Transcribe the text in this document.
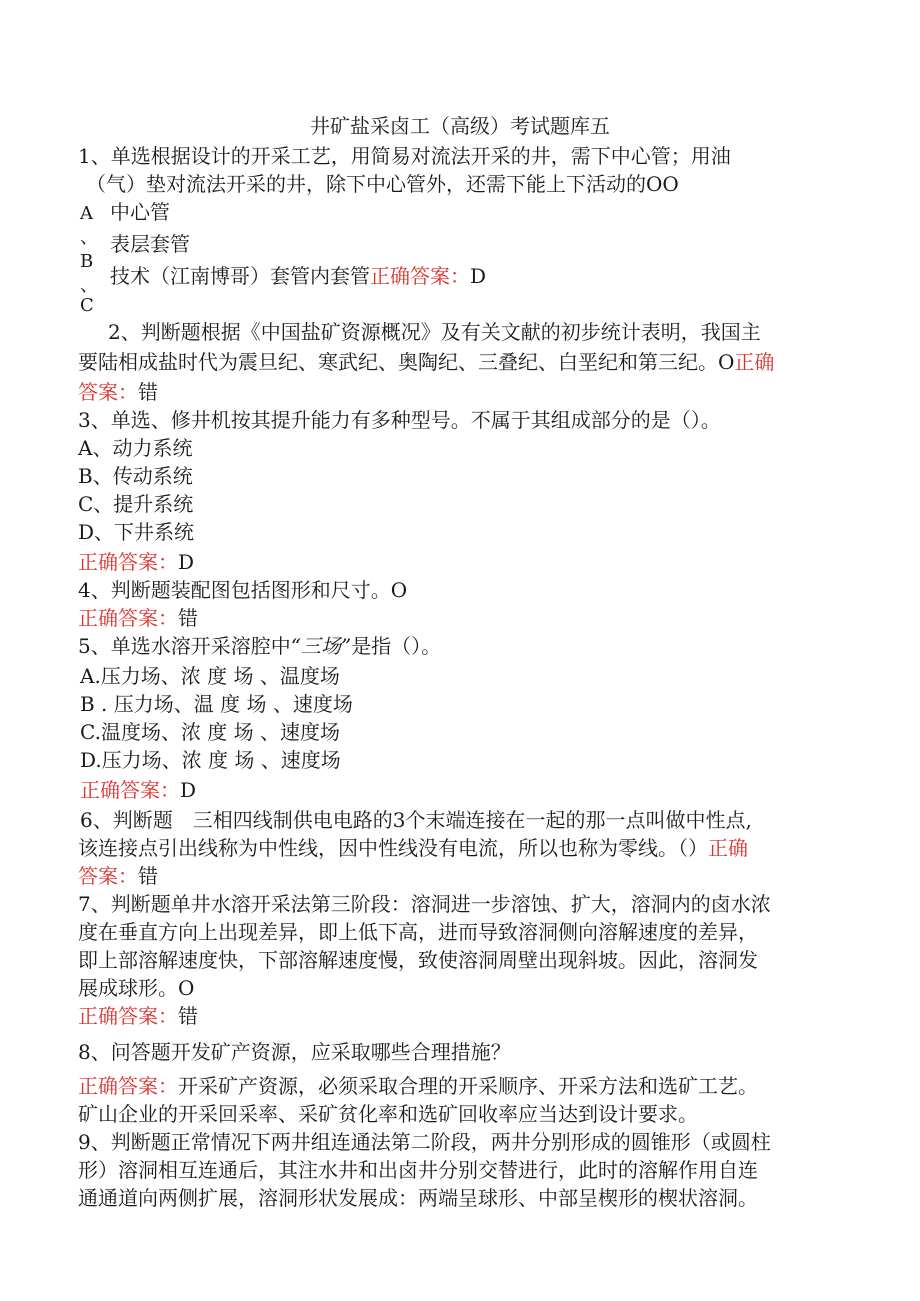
井矿盐采卤工（高级）考试题库五
1、单选根据设计的开采工艺，用简易对流法开采的井，需下中心管；用油
（气）垫对流法开采的井，除下中心管外，还需下能上下活动的OO
A
、
B
、
C
中心管
表层套管
技术（江南博哥）套管内套管正确答案：D
2、判断题根据《中国盐矿资源概况》及有关文献的初步统计表明，我国主
要陆相成盐时代为震旦纪、寒武纪、奥陶纪、三叠纪、白垩纪和第三纪。O正确
答案：错
3、单选、修井机按其提升能力有多种型号。不属于其组成部分的是（）。
A、动力系统
B、传动系统
C、提升系统
D、下井系统
正确答案：D
4、判断题装配图包括图形和尺寸。O
正确答案：错
5、单选水溶开采溶腔中“三场”是指（）。
A.压力场、浓 度 场 、温度场
B . 压力场、温 度 场 、速度场
C.温度场、浓 度 场 、速度场
D.压力场、浓 度 场 、速度场
正确答案：D
6、判断题　三相四线制供电电路的3个末端连接在一起的那一点叫做中性点,
该连接点引出线称为中性线，因中性线没有电流，所以也称为零线。（）正确
答案：错
7、判断题单井水溶开采法第三阶段：溶洞进一步溶蚀、扩大，溶洞内的卤水浓
度在垂直方向上出现差异，即上低下高，进而导致溶洞侧向溶解速度的差异，
即上部溶解速度快，下部溶解速度慢，致使溶洞周壁出现斜坡。因此，溶洞发
展成球形。O
正确答案：错
8、问答题开发矿产资源，应采取哪些合理措施？
正确答案：开采矿产资源，必须采取合理的开采顺序、开采方法和选矿工艺。
矿山企业的开采回采率、采矿贫化率和选矿回收率应当达到设计要求。
9、判断题正常情况下两井组连通法第二阶段，两井分别形成的圆锥形（或圆柱
形）溶洞相互连通后，其注水井和出卤井分别交替进行，此时的溶解作用自连
通通道向两侧扩展，溶洞形状发展成：两端呈球形、中部呈楔形的楔状溶洞。
